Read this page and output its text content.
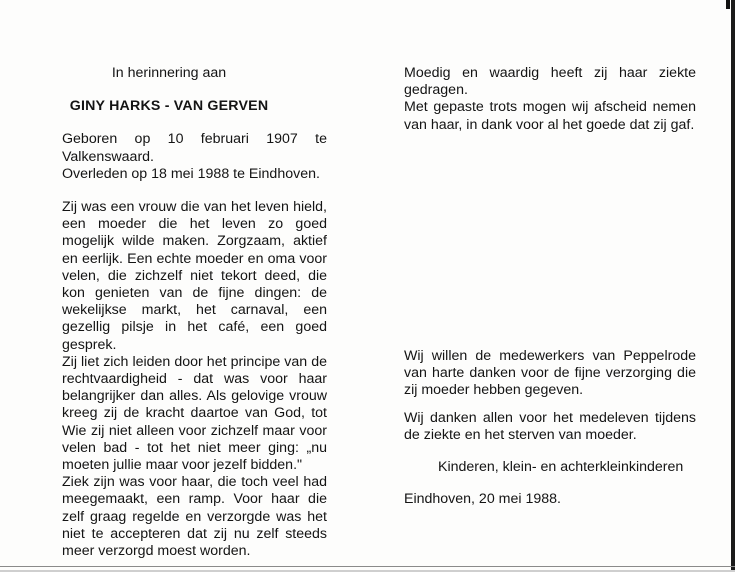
In herinnering aan

GINY HARKS - VAN GERVEN

Geboren op 10 februari 1907 te Valkenswaard.

Overleden op 18 mei 1988 te Eindhoven.

Zij was een vrouw die van het leven hield, een moeder die het leven zo goed mogelijk wilde maken. Zorgzaam, aktief en eerlijk. Een echte moeder en oma voor velen, die zichzelf niet tekort deed, die kon genieten van de fijne dingen: de wekelijkse markt, het carnaval, een gezellig pilsje in het café, een goed gesprek.

Zij liet zich leiden door het principe van de rechtvaardigheid - dat was voor haar belangrijker dan alles. Als gelovige vrouw kreeg zij de kracht daartoe van God, tot Wie zij niet alleen voor zichzelf maar voor velen bad - tot het niet meer ging: „nu moeten jullie maar voor jezelf bidden."

Ziek zijn was voor haar, die toch veel had meegemaakt, een ramp. Voor haar die zelf graag regelde en verzorgde was het niet te accepteren dat zij nu zelf steeds meer verzorgd moest worden.

Moedig en waardig heeft zij haar ziekte gedragen.

Met gepaste trots mogen wij afscheid nemen van haar, in dank voor al het goede dat zij gaf.

Wij willen de medewerkers van Peppelrode van harte danken voor de fijne verzorging die zij moeder hebben gegeven.

Wij danken allen voor het medeleven tijdens de ziekte en het sterven van moeder.

Kinderen, klein- en achterkleinkinderen

Eindhoven, 20 mei 1988.
